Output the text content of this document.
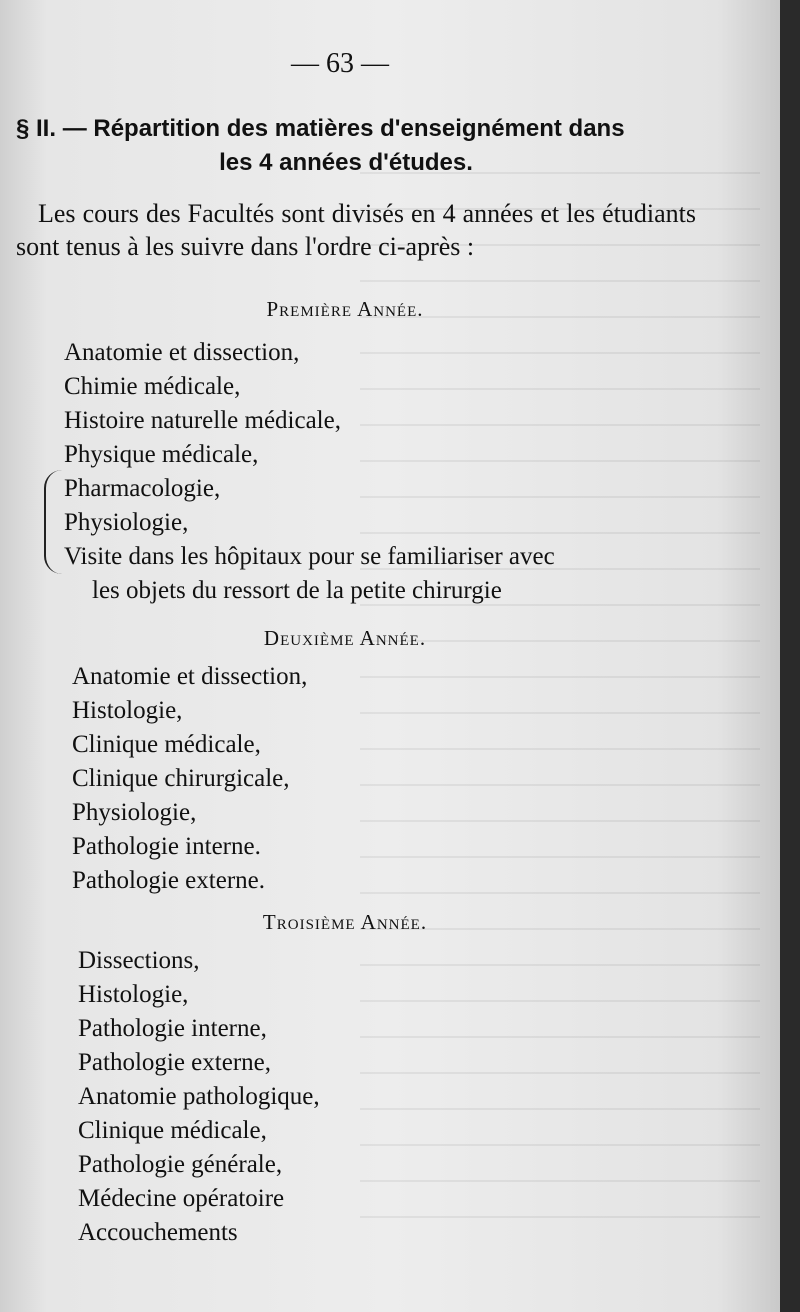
— 63 —
§ II. — Répartition des matières d'enseignément dans
les 4 années d'études.

Les cours des Facultés sont divisés en 4 années et les étudiants sont tenus à les suivre dans l'ordre ci-après :

Première Année.
Anatomie et dissection,
Chimie médicale,
Histoire naturelle médicale,
Physique médicale,
Pharmacologie,
Physiologie,
Visite dans les hôpitaux pour se familiariser avec
les objets du ressort de la petite chirurgie
Deuxième Année.
Anatomie et dissection,
Histologie,
Clinique médicale,
Clinique chirurgicale,
Physiologie,
Pathologie interne.
Pathologie externe.
Troisième Année.
Dissections,
Histologie,
Pathologie interne,
Pathologie externe,
Anatomie pathologique,
Clinique médicale,
Pathologie générale,
Médecine opératoire
Accouchements
